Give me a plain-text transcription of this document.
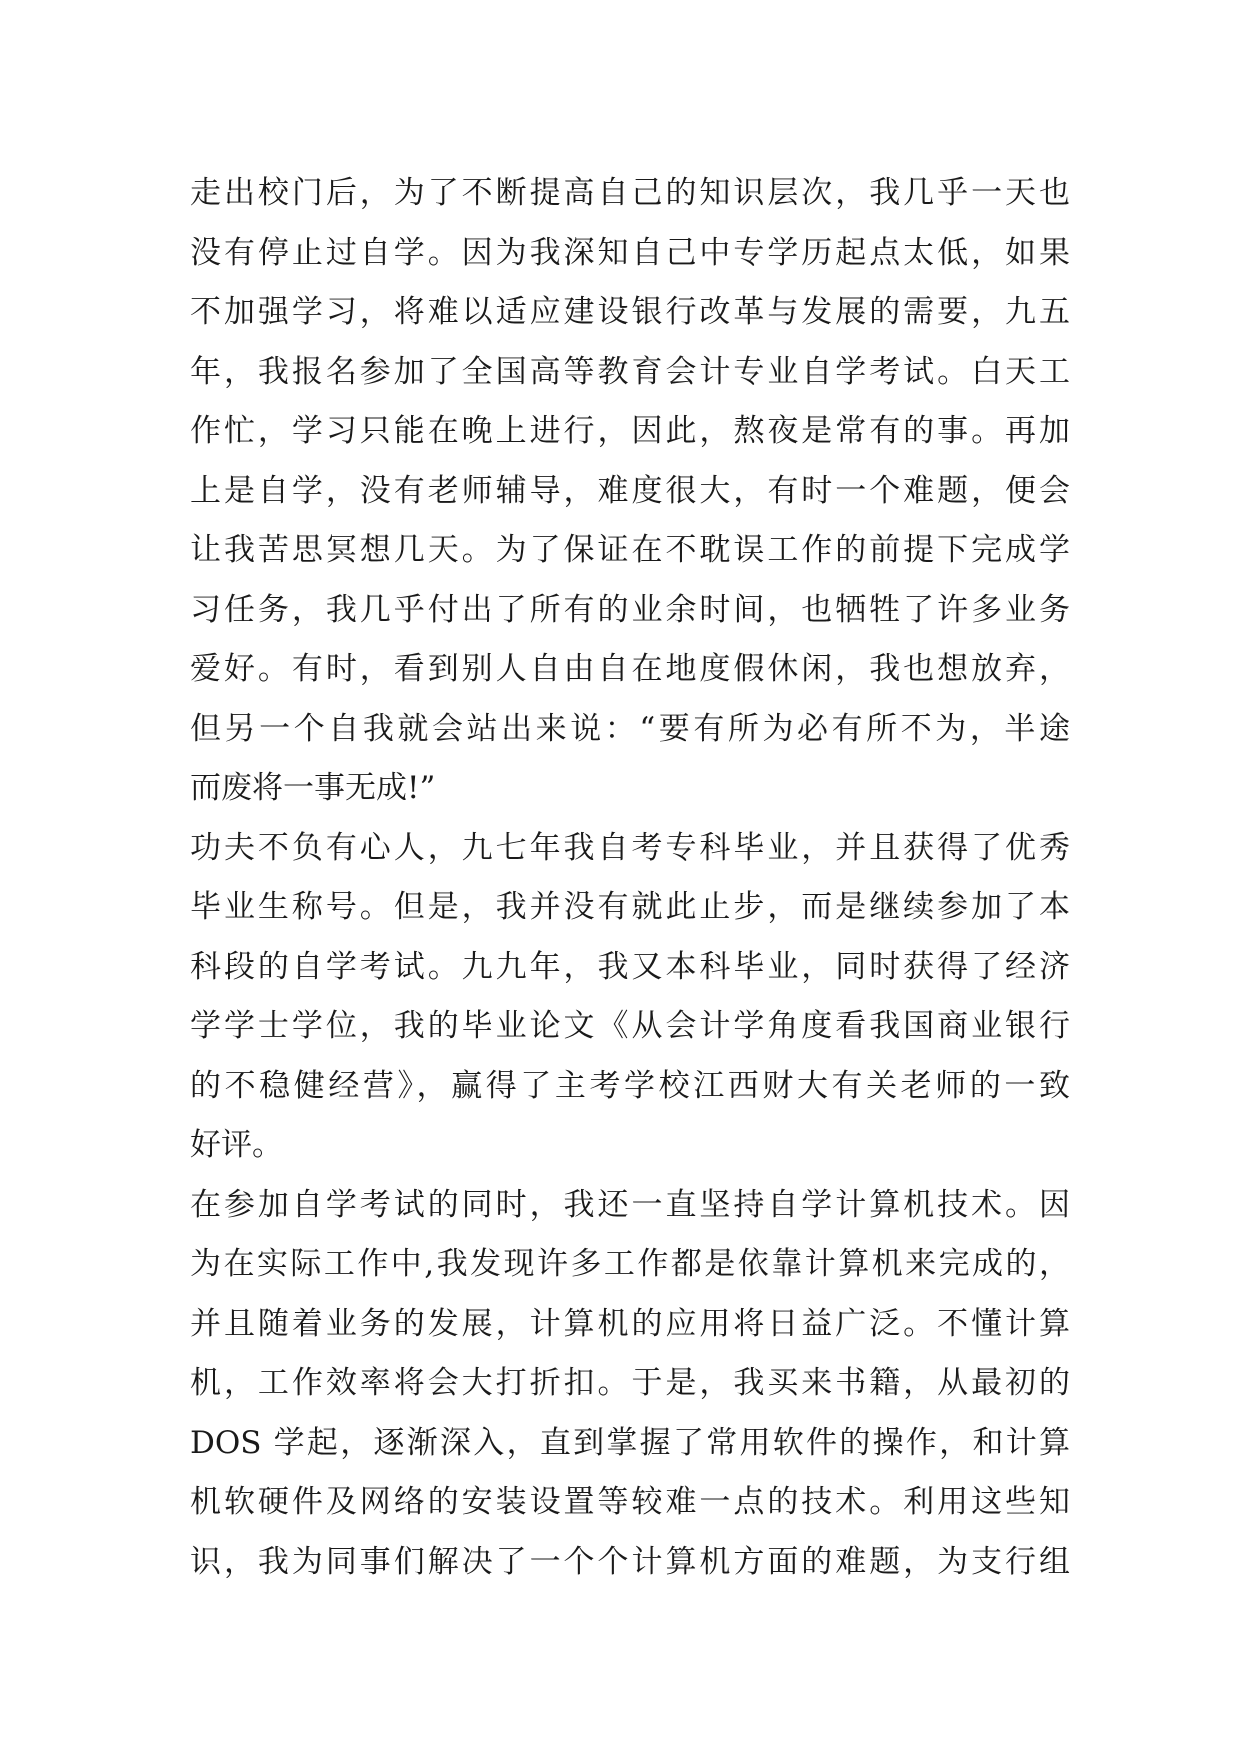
走出校门后，为了不断提高自己的知识层次，我几乎一天也
没有停止过自学。因为我深知自己中专学历起点太低，如果
不加强学习，将难以适应建设银行改革与发展的需要，九五
年，我报名参加了全国高等教育会计专业自学考试。白天工
作忙，学习只能在晚上进行，因此，熬夜是常有的事。再加
上是自学，没有老师辅导，难度很大，有时一个难题，便会
让我苦思冥想几天。为了保证在不耽误工作的前提下完成学
习任务，我几乎付出了所有的业余时间，也牺牲了许多业务
爱好。有时，看到别人自由自在地度假休闲，我也想放弃，
但另一个自我就会站出来说：“要有所为必有所不为，半途
而废将一事无成!”
功夫不负有心人，九七年我自考专科毕业，并且获得了优秀
毕业生称号。但是，我并没有就此止步，而是继续参加了本
科段的自学考试。九九年，我又本科毕业，同时获得了经济
学学士学位，我的毕业论文《从会计学角度看我国商业银行
的不稳健经营》，赢得了主考学校江西财大有关老师的一致
好评。
在参加自学考试的同时，我还一直坚持自学计算机技术。因
为在实际工作中,我发现许多工作都是依靠计算机来完成的，
并且随着业务的发展，计算机的应用将日益广泛。不懂计算
机，工作效率将会大打折扣。于是，我买来书籍，从最初的
DOS 学起，逐渐深入，直到掌握了常用软件的操作，和计算
机软硬件及网络的安装设置等较难一点的技术。利用这些知
识，我为同事们解决了一个个计算机方面的难题，为支行组
